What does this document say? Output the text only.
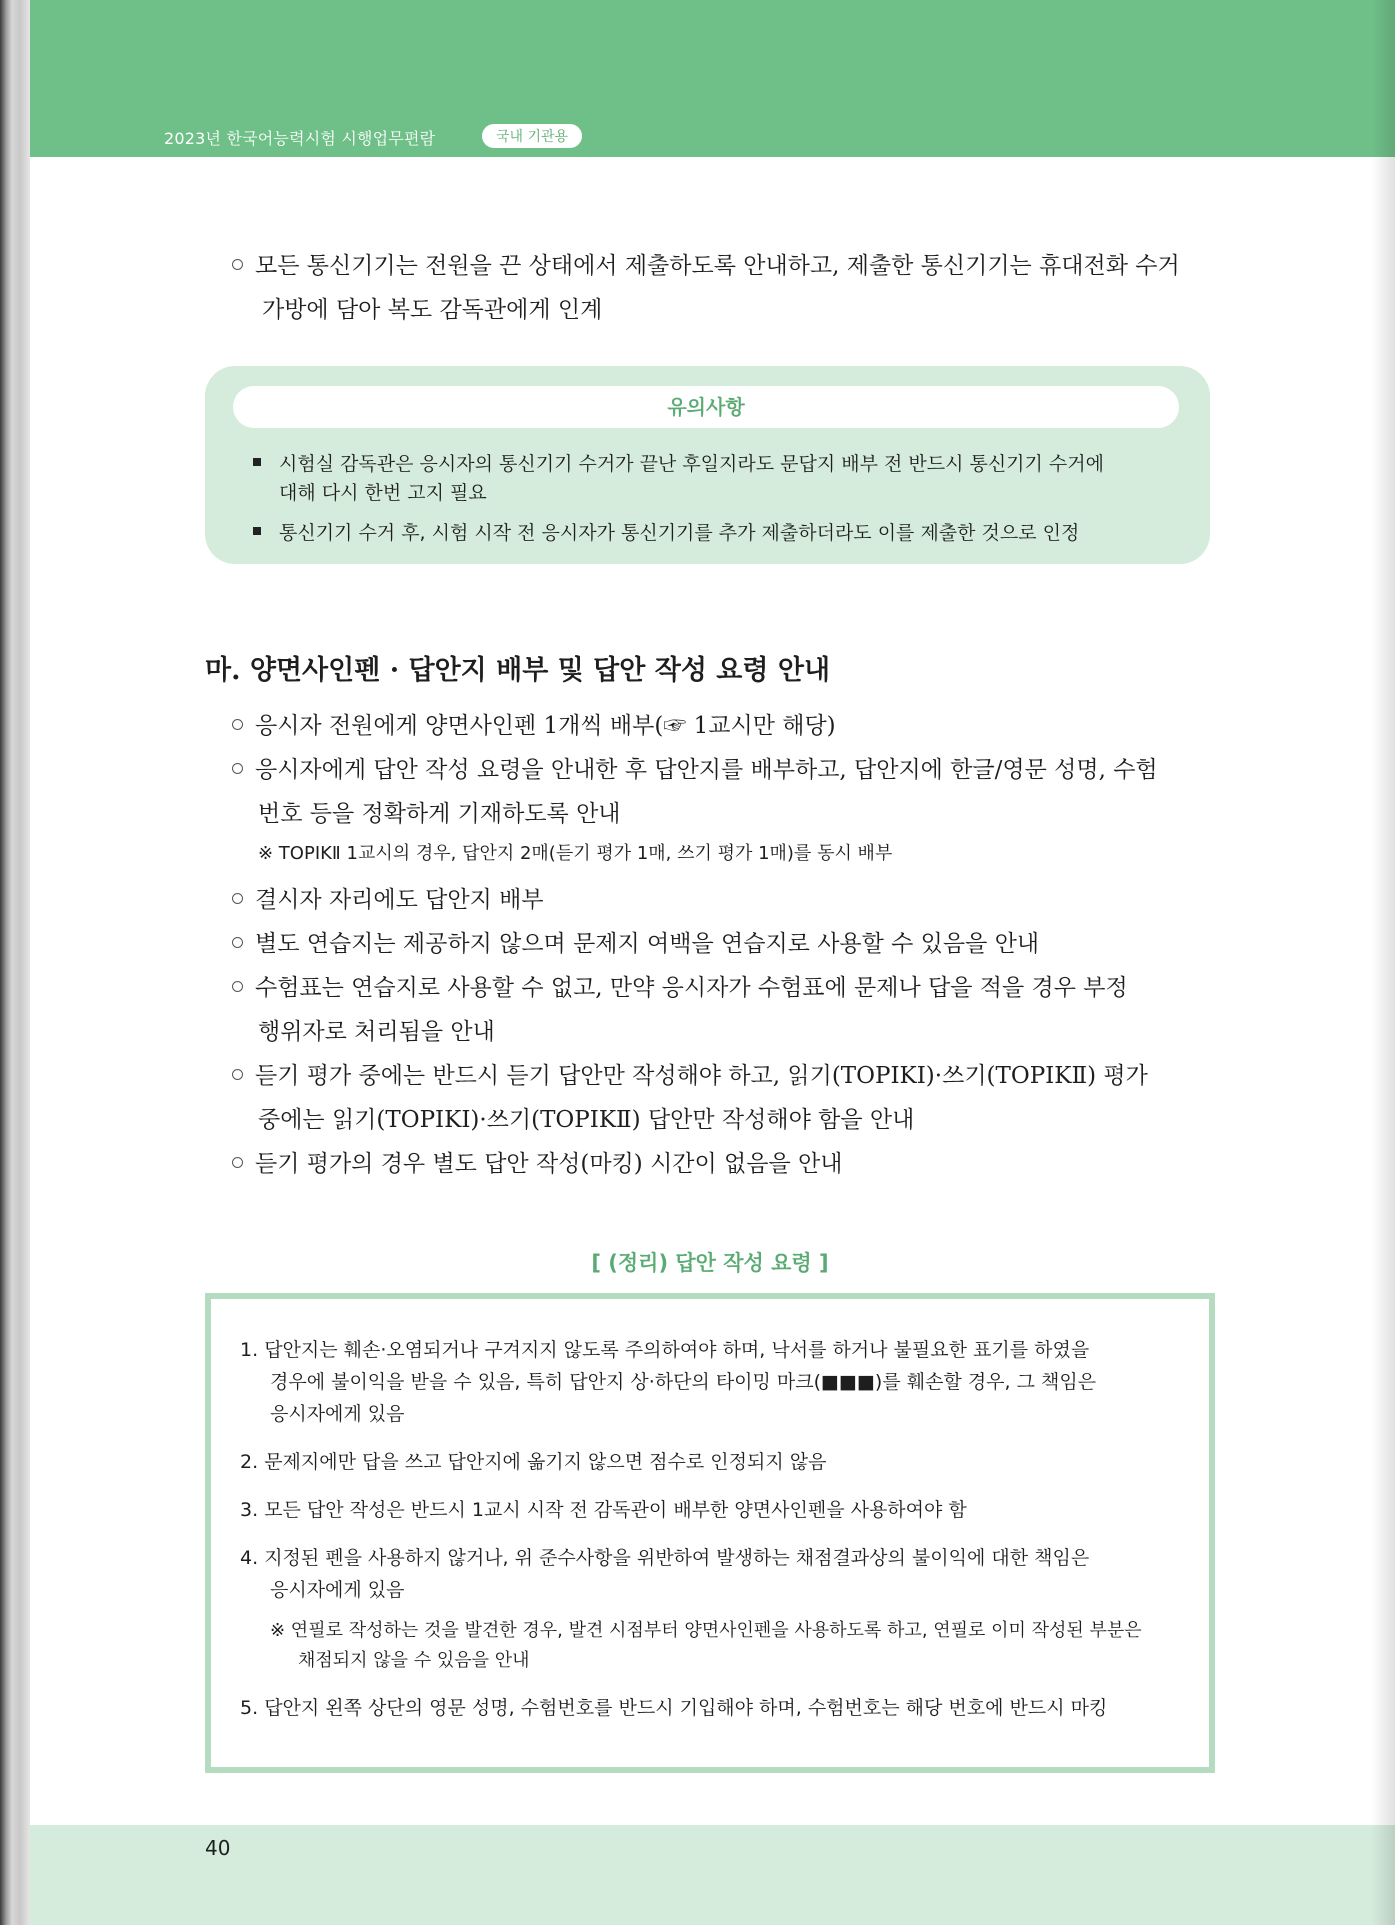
2023년 한국어능력시험 시행업무편람	국내 기관용
모든 통신기기는 전원을 끈 상태에서 제출하도록 안내하고, 제출한 통신기기는 휴대전화 수거
가방에 담아 복도 감독관에게 인계
유의사항
시험실 감독관은 응시자의 통신기기 수거가 끝난 후일지라도 문답지 배부 전 반드시 통신기기 수거에
대해 다시 한번 고지 필요
통신기기 수거 후, 시험 시작 전 응시자가 통신기기를 추가 제출하더라도 이를 제출한 것으로 인정
마. 양면사인펜 · 답안지 배부 및 답안 작성 요령 안내
응시자 전원에게 양면사인펜 1개씩 배부(☞ 1교시만 해당)
응시자에게 답안 작성 요령을 안내한 후 답안지를 배부하고, 답안지에 한글/영문 성명, 수험
번호 등을 정확하게 기재하도록 안내
※ TOPIKⅡ 1교시의 경우, 답안지 2매(듣기 평가 1매, 쓰기 평가 1매)를 동시 배부
결시자 자리에도 답안지 배부
별도 연습지는 제공하지 않으며 문제지 여백을 연습지로 사용할 수 있음을 안내
수험표는 연습지로 사용할 수 없고, 만약 응시자가 수험표에 문제나 답을 적을 경우 부정
행위자로 처리됨을 안내
듣기 평가 중에는 반드시 듣기 답안만 작성해야 하고, 읽기(TOPIKⅠ)·쓰기(TOPIKⅡ) 평가
중에는 읽기(TOPIKⅠ)·쓰기(TOPIKⅡ) 답안만 작성해야 함을 안내
듣기 평가의 경우 별도 답안 작성(마킹) 시간이 없음을 안내
[ (정리) 답안 작성 요령 ]
1. 답안지는 훼손·오염되거나 구겨지지 않도록 주의하여야 하며, 낙서를 하거나 불필요한 표기를 하였을
경우에 불이익을 받을 수 있음, 특히 답안지 상·하단의 타이밍 마크(■■■)를 훼손할 경우, 그 책임은
응시자에게 있음
2. 문제지에만 답을 쓰고 답안지에 옮기지 않으면 점수로 인정되지 않음
3. 모든 답안 작성은 반드시 1교시 시작 전 감독관이 배부한 양면사인펜을 사용하여야 함
4. 지정된 펜을 사용하지 않거나, 위 준수사항을 위반하여 발생하는 채점결과상의 불이익에 대한 책임은
응시자에게 있음
※ 연필로 작성하는 것을 발견한 경우, 발견 시점부터 양면사인펜을 사용하도록 하고, 연필로 이미 작성된 부분은
채점되지 않을 수 있음을 안내
5. 답안지 왼쪽 상단의 영문 성명, 수험번호를 반드시 기입해야 하며, 수험번호는 해당 번호에 반드시 마킹
40
